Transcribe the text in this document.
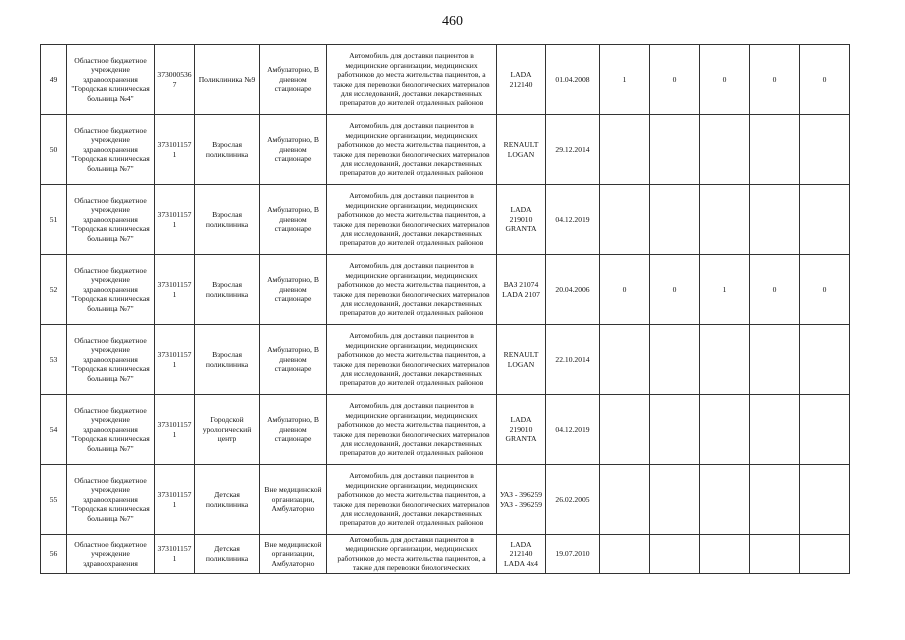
460
49	Областное бюджетное учреждение здравоохранения "Городская клиническая больница №4"	3730005367	Поликлиника №9	Амбулаторно, В дневном стационаре	Автомобиль для доставки пациентов в медицинские организации, медицинских работников до места жительства пациентов, а также для перевозки биологических материалов для исследований, доставки лекарственных препаратов до жителей отдаленных районов	LADA 212140	01.04.2008	1	0	0	0	0

50	Областное бюджетное учреждение здравоохранения "Городская клиническая больница №7"	3731011571	Взрослая поликлиника	Амбулаторно, В дневном стационаре	Автомобиль для доставки пациентов в медицинские организации, медицинских работников до места жительства пациентов, а также для перевозки биологических материалов для исследований, доставки лекарственных препаратов до жителей отдаленных районов	RENAULT LOGAN	29.12.2014					

51	Областное бюджетное учреждение здравоохранения "Городская клиническая больница №7"	3731011571	Взрослая поликлиника	Амбулаторно, В дневном стационаре	Автомобиль для доставки пациентов в медицинские организации, медицинских работников до места жительства пациентов, а также для перевозки биологических материалов для исследований, доставки лекарственных препаратов до жителей отдаленных районов	LADA 219010 GRANTA	04.12.2019					

52	Областное бюджетное учреждение здравоохранения "Городская клиническая больница №7"	3731011571	Взрослая поликлиника	Амбулаторно, В дневном стационаре	Автомобиль для доставки пациентов в медицинские организации, медицинских работников до места жительства пациентов, а также для перевозки биологических материалов для исследований, доставки лекарственных препаратов до жителей отдаленных районов	ВАЗ 21074 LADA 2107	20.04.2006	0	0	1	0	0

53	Областное бюджетное учреждение здравоохранения "Городская клиническая больница №7"	3731011571	Взрослая поликлиника	Амбулаторно, В дневном стационаре	Автомобиль для доставки пациентов в медицинские организации, медицинских работников до места жительства пациентов, а также для перевозки биологических материалов для исследований, доставки лекарственных препаратов до жителей отдаленных районов	RENAULT LOGAN	22.10.2014					

54	Областное бюджетное учреждение здравоохранения "Городская клиническая больница №7"	3731011571	Городской урологический центр	Амбулаторно, В дневном стационаре	Автомобиль для доставки пациентов в медицинские организации, медицинских работников до места жительства пациентов, а также для перевозки биологических материалов для исследований, доставки лекарственных препаратов до жителей отдаленных районов	LADA 219010 GRANTA	04.12.2019					

55	Областное бюджетное учреждение здравоохранения "Городская клиническая больница №7"	3731011571	Детская поликлиника	Вне медицинской организации, Амбулаторно	Автомобиль для доставки пациентов в медицинские организации, медицинских работников до места жительства пациентов, а также для перевозки биологических материалов для исследований, доставки лекарственных препаратов до жителей отдаленных районов	УАЗ - 396259 УАЗ - 396259	26.02.2005					

56	Областное бюджетное учреждение здравоохранения	3731011571	Детская поликлиника	Вне медицинской организации, Амбулаторно	Автомобиль для доставки пациентов в медицинские организации, медицинских работников до места жительства пациентов, а также для перевозки биологических	LADA 212140 LADA 4x4	19.07.2010					
